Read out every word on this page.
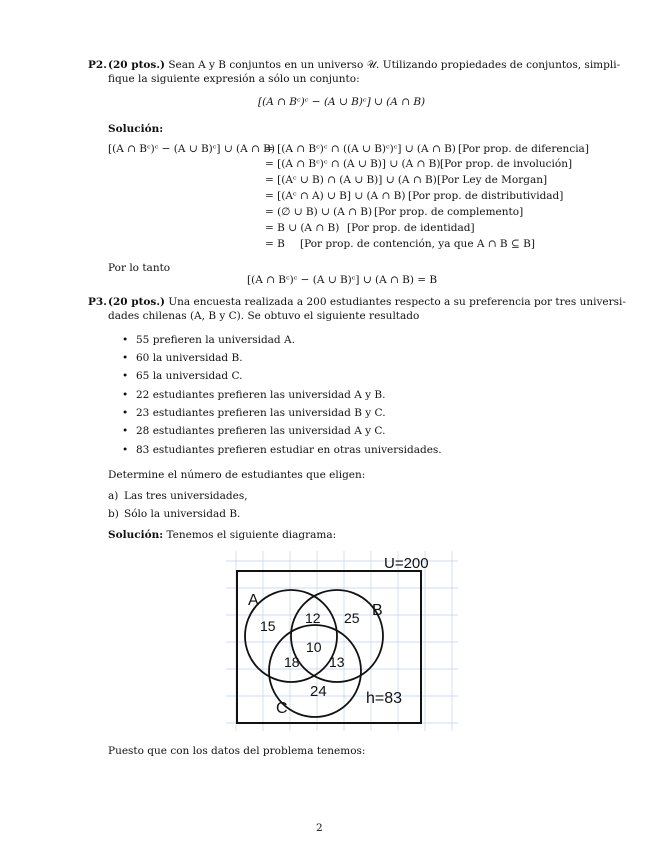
P2. (20 ptos.) Sean A y B conjuntos en un universo 𝒰. Utilizando propiedades de conjuntos, simpli-
fique la siguiente expresión a sólo un conjunto:
[(A ∩ Bᶜ)ᶜ − (A ∪ B)ᶜ] ∪ (A ∩ B)
Solución:
[(A ∩ Bᶜ)ᶜ − (A ∪ B)ᶜ] ∪ (A ∩ B)
= [(A ∩ Bᶜ)ᶜ ∩ ((A ∪ B)ᶜ)ᶜ] ∪ (A ∩ B) [Por prop. de diferencia]
= [(A ∩ Bᶜ)ᶜ ∩ (A ∪ B)] ∪ (A ∩ B) [Por prop. de involución]
= [(Aᶜ ∪ B) ∩ (A ∪ B)] ∪ (A ∩ B) [Por Ley de Morgan]
= [(Aᶜ ∩ A) ∪ B] ∪ (A ∩ B) [Por prop. de distributividad]
= (∅ ∪ B) ∪ (A ∩ B) [Por prop. de complemento]
= B ∪ (A ∩ B) [Por prop. de identidad]
= B [Por prop. de contención, ya que A ∩ B ⊆ B]
Por lo tanto
[(A ∩ Bᶜ)ᶜ − (A ∪ B)ᶜ] ∪ (A ∩ B) = B
P3. (20 ptos.) Una encuesta realizada a 200 estudiantes respecto a su preferencia por tres universi-
dades chilenas (A, B y C). Se obtuvo el siguiente resultado
• 55 prefieren la universidad A.
• 60 la universidad B.
• 65 la universidad C.
• 22 estudiantes prefieren las universidad A y B.
• 23 estudiantes prefieren las universidad B y C.
• 28 estudiantes prefieren las universidad A y C.
• 83 estudiantes prefieren estudiar en otras universidades.
Determine el número de estudiantes que eligen:
a) Las tres universidades,
b) Sólo la universidad B.
Solución: Tenemos el siguiente diagrama:
U=200
A
B
C
15 12 25
10
18 13
24 h=83
Puesto que con los datos del problema tenemos:
2
